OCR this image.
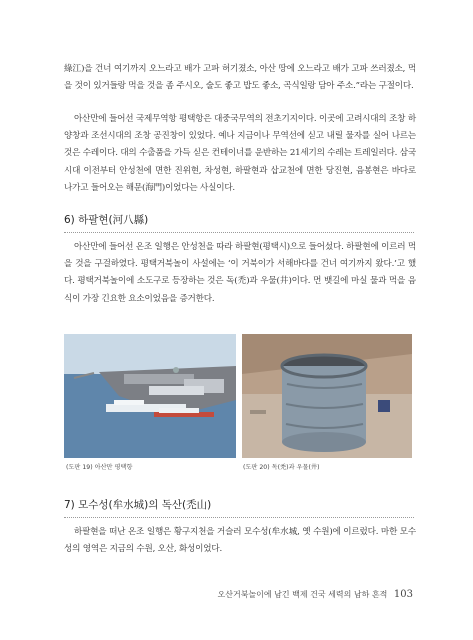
綠江)을 건너 여기까지 오느라고 배가 고파 허기졌소, 아산 땅에 오느라고 배가 고파 쓰러졌소, 먹을 것이 있거들랑 먹을 것을 좀 주시오, 술도 좋고 밥도 좋소, 곡식일랑 담아 주소.”라는 구절이다.
아산만에 들어선 국제무역항 평택항은 대중국무역의 전초기지이다. 이곳에 고려시대의 조창 하양창과 조선시대의 조창 공진창이 있었다. 예나 지금이나 무역선에 싣고 내릴 물자를 실어 나르는 것은 수레이다. 대의 수출품을 가득 싣은 컨테이너를 운반하는 21세기의 수레는 트레일러다. 삼국시대 이전부터 안성천에 면한 진위현, 차성현, 하팔현과 삽교천에 면한 당진현, 음봉현은 바다로 나가고 들어오는 해문(海門)이었다는 사실이다.
6) 하팔현(河八縣)
아산만에 들어선 온조 일행은 안성천을 따라 하팔현(평택시)으로 들어섰다. 하팔현에 이르러 먹을 것을 구걸하였다. 평택거북놀이 사설에는 ‘이 거북이가 서해바다를 건너 여기까지 왔다.’고 했다. 평택거북놀이에 소도구로 등장하는 것은 독(禿)과 우물(井)이다. 먼 뱃길에 마실 물과 먹을 음식이 가장 긴요한 요소이었음을 증거한다.
(도판 19) 아산만 평택항	(도판 20) 독(禿)과 우물(井)
7) 모수성(牟水城)의 독산(禿山)
하팔현을 떠난 온조 일행은 황구지천을 거슬러 모수성(牟水城, 옛 수원)에 이르렀다. 마한 모수성의 영역은 지금의 수원, 오산, 화성이었다.
오산거북놀이에 남긴 백제 건국 세력의 남하 흔적 103
